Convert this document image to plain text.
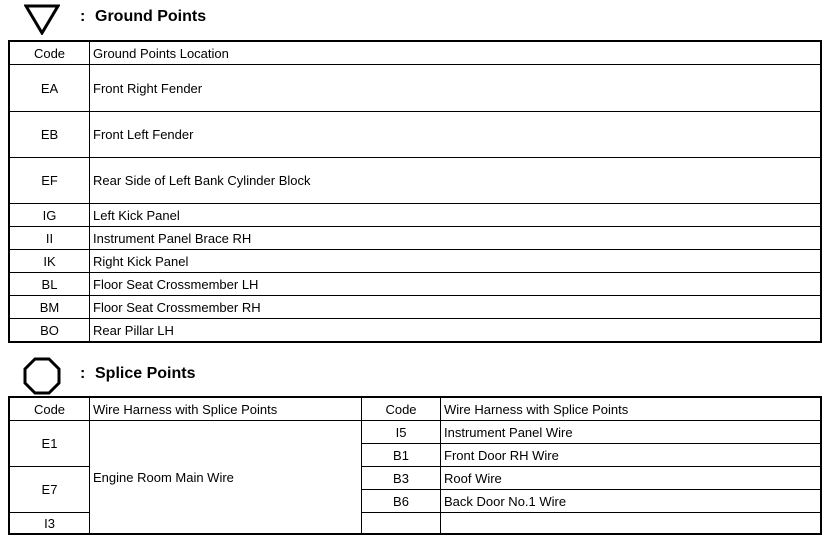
: Ground Points
Code	Ground Points Location
EA	Front Right Fender
EB	Front Left Fender
EF	Rear Side of Left Bank Cylinder Block
IG	Left Kick Panel
II	Instrument Panel Brace RH
IK	Right Kick Panel
BL	Floor Seat Crossmember LH
BM	Floor Seat Crossmember RH
BO	Rear Pillar LH
: Splice Points
Code	Wire Harness with Splice Points	Code	Wire Harness with Splice Points
E1	Engine Room Main Wire	I5	Instrument Panel Wire
		B1	Front Door RH Wire
E7		B3	Roof Wire
		B6	Back Door No.1 Wire
I3			
